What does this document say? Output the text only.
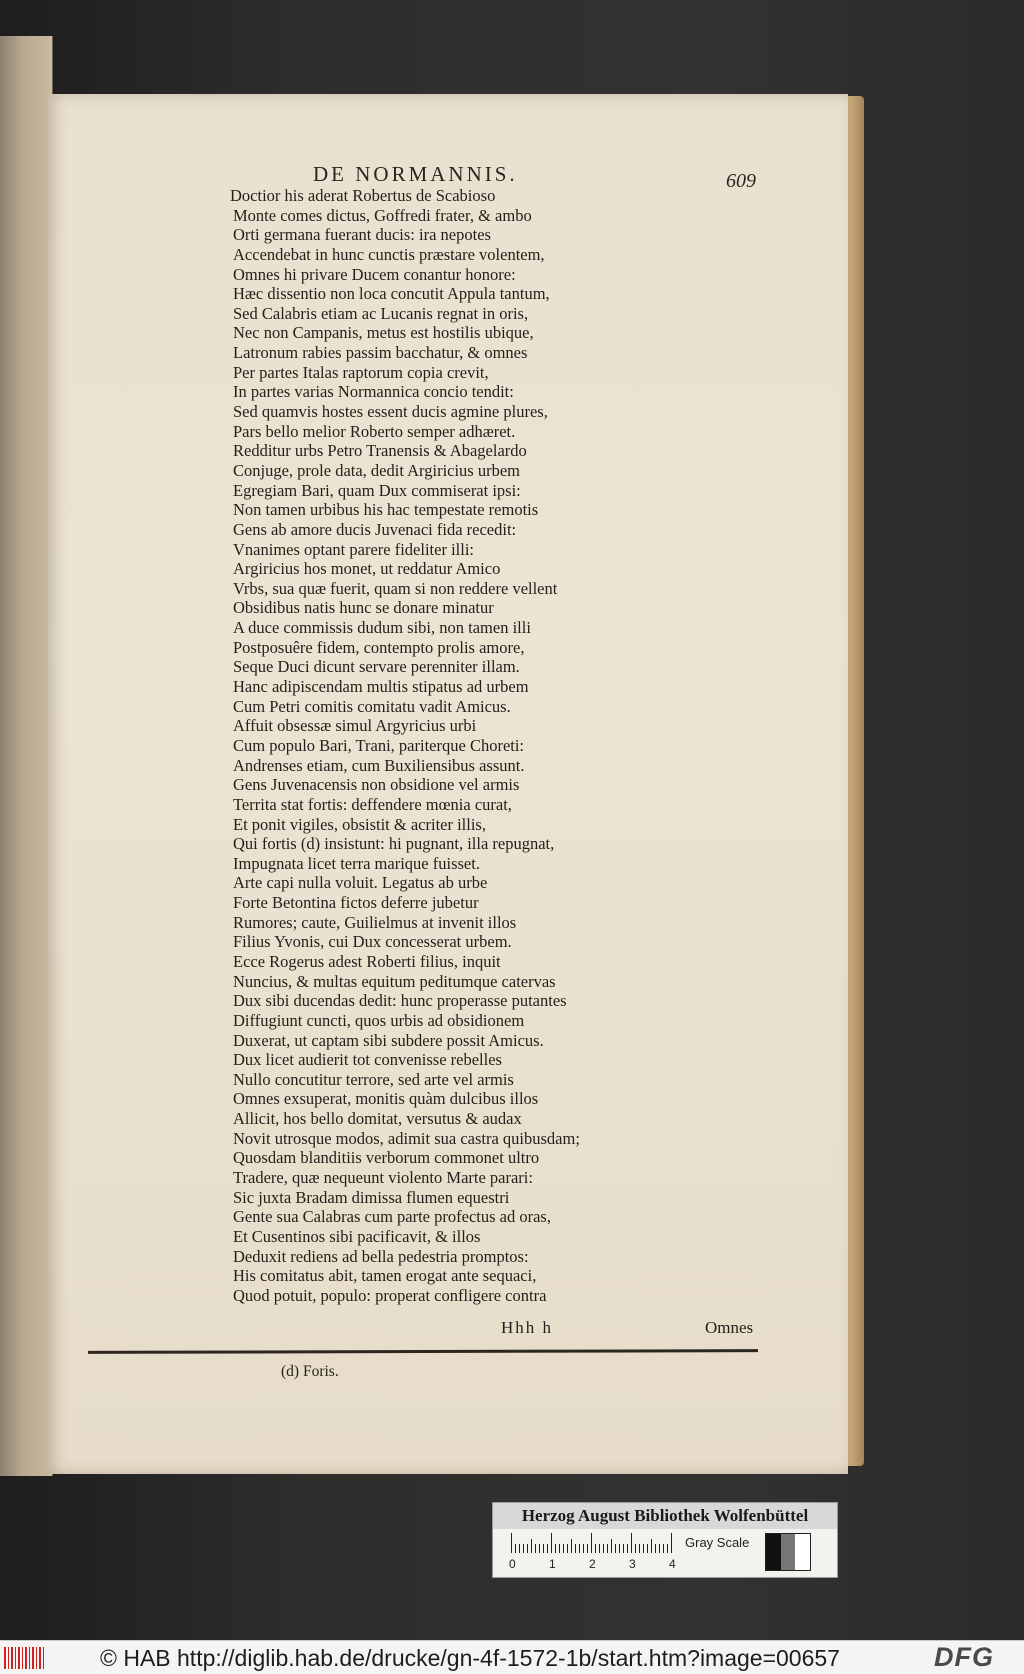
DE NORMANNIS.	609
Doctior his aderat Robertus de Scabioso
Monte comes dictus, Goffredi frater, & ambo
Orti germana fuerant ducis: ira nepotes
Accendebat in hunc cunctis præstare volentem,
Omnes hi privare Ducem conantur honore:
Hæc dissentio non loca concutit Appula tantum,
Sed Calabris etiam ac Lucanis regnat in oris,
Nec non Campanis, metus est hostilis ubique,
Latronum rabies passim bacchatur, & omnes
Per partes Italas raptorum copia crevit,
In partes varias Normannica concio tendit:
Sed quamvis hostes essent ducis agmine plures,
Pars bello melior Roberto semper adhæret.
Redditur urbs Petro Tranensis & Abagelardo
Conjuge, prole data, dedit Argiricius urbem
Egregiam Bari, quam Dux commiserat ipsi:
Non tamen urbibus his hac tempestate remotis
Gens ab amore ducis Juvenaci fida recedit:
Vnanimes optant parere fideliter illi:
Argiricius hos monet, ut reddatur Amico
Vrbs, sua quæ fuerit, quam si non reddere vellent
Obsidibus natis hunc se donare minatur
A duce commissis dudum sibi, non tamen illi
Postposuêre fidem, contempto prolis amore,
Seque Duci dicunt servare perenniter illam.
Hanc adipiscendam multis stipatus ad urbem
Cum Petri comitis comitatu vadit Amicus.
Affuit obsessæ simul Argyricius urbi
Cum populo Bari, Trani, pariterque Choreti:
Andrenses etiam, cum Buxiliensibus assunt.
Gens Juvenacensis non obsidione vel armis
Territa stat fortis: deffendere mœnia curat,
Et ponit vigiles, obsistit & acriter illis,
Qui fortis (d) insistunt: hi pugnant, illa repugnat,
Impugnata licet terra marique fuisset.
Arte capi nulla voluit. Legatus ab urbe
Forte Betontina fictos deferre jubetur
Rumores; caute, Guilielmus at invenit illos
Filius Yvonis, cui Dux concesserat urbem.
Ecce Rogerus adest Roberti filius, inquit
Nuncius, & multas equitum peditumque catervas
Dux sibi ducendas dedit: hunc properasse putantes
Diffugiunt cuncti, quos urbis ad obsidionem
Duxerat, ut captam sibi subdere possit Amicus.
Dux licet audierit tot convenisse rebelles
Nullo concutitur terrore, sed arte vel armis
Omnes exsuperat, monitis quàm dulcibus illos
Allicit, hos bello domitat, versutus & audax
Novit utrosque modos, adimit sua castra quibusdam;
Quosdam blanditiis verborum commonet ultro
Tradere, quæ nequeunt violento Marte parari:
Sic juxta Bradam dimissa flumen equestri
Gente sua Calabras cum parte profectus ad oras,
Et Cusentinos sibi pacificavit, & illos
Deduxit rediens ad bella pedestria promptos:
His comitatus abit, tamen erogat ante sequaci,
Quod potuit, populo: properat confligere contra
Hhh h	Omnes
(d) Foris.
Herzog August Bibliothek Wolfenbüttel
0	1	2	3	4
Gray Scale
© HAB http://diglib.hab.de/drucke/gn-4f-1572-1b/start.htm?image=00657	DFG
